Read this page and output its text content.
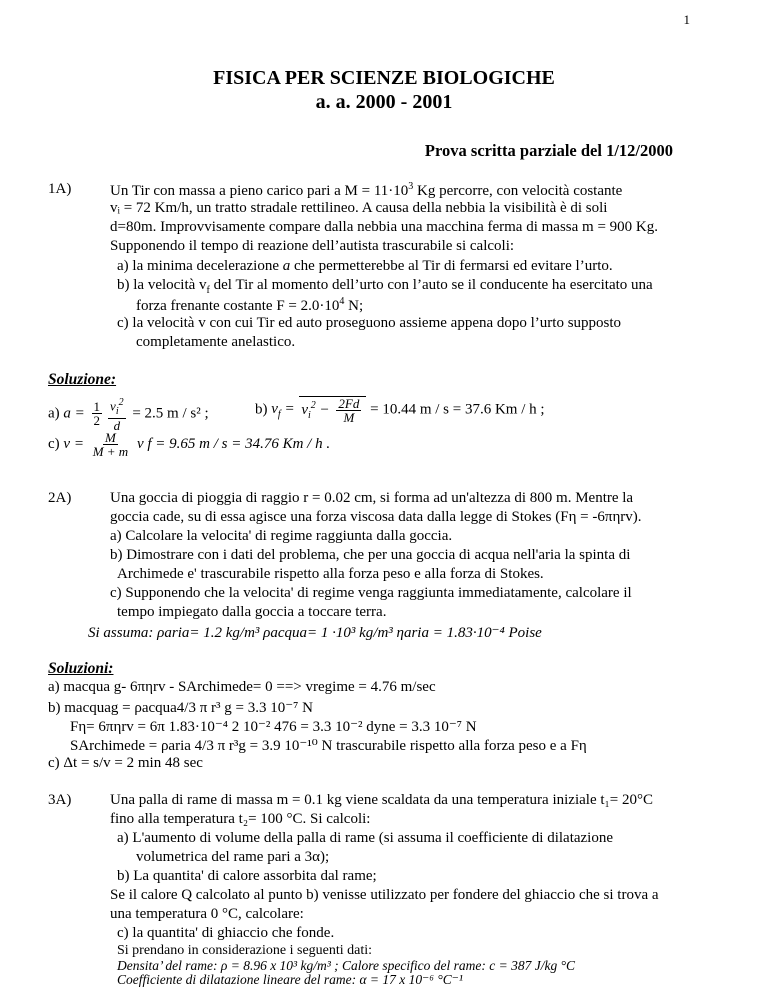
1
FISICA PER SCIENZE BIOLOGICHE
a. a. 2000 - 2001
Prova scritta parziale del 1/12/2000
1A)	Un Tir con massa a pieno carico pari a $M = 11\cdot 10^3$ Kg percorre, con velocità costante
vᵢ = 72 Km/h, un tratto stradale rettilineo. A causa della nebbia la visibilità è di soli
d=80m. Improvvisamente compare dalla nebbia una macchina ferma di massa m = 900 Kg.
Supponendo il tempo di reazione dell’autista trascurabile si calcoli:
a) la minima decelerazione a che permetterebbe al Tir di fermarsi ed evitare l’urto.
b) la velocità $v_f$ del Tir al momento dell’urto con l’auto se il conducente ha esercitato una
forza frenante costante $F = 2.0\cdot 10^4$ N;
c) la velocità v con cui Tir ed auto proseguono assieme appena dopo l’urto supposto
completamente anelastico.
Soluzione:
a) $a = \frac{1}{2} \frac{v_i^2}{d} = 2.5$ m / s² ;	b) $v_f = v_i^2 - \frac{2Fd}{M} = 10.44$ m / s = 37.6 Km / h ;
c) $v = \frac{M}{M + m}$ v f = 9.65 m / s = 34.76 Km / h .
2A)	Una goccia di pioggia di raggio r = 0.02 cm, si forma ad un'altezza di 800 m. Mentre la
goccia cade, su di essa agisce una forza viscosa data dalla legge di Stokes (Fη = -6πηrv).
a) Calcolare la velocita' di regime raggiunta dalla goccia.
b) Dimostrare con i dati del problema, che per una goccia di acqua nell'aria la spinta di
Archimede e' trascurabile rispetto alla forza peso e alla forza di Stokes.
c) Supponendo che la velocita' di regime venga raggiunta immediatamente, calcolare il
tempo impiegato dalla goccia a toccare terra.
Si assuma: ρaria= 1.2 kg/m³ ρacqua= 1 ·10³ kg/m³ ηaria = 1.83·10⁻⁴ Poise
Soluzioni:
a) macqua g- 6πηrv - SArchimede= 0 ==> vregime = 4.76 m/sec
b) macquag = ρacqua4/3 π r³ g = 3.3 10⁻⁷ N
Fη= 6πηrv = 6π 1.83·10⁻⁴ 2 10⁻² 476 = 3.3 10⁻² dyne = 3.3 10⁻⁷ N
SArchimede = ρaria 4/3 π r³g = 3.9 10⁻¹⁰ N trascurabile rispetto alla forza peso e a Fη
c) Δt = s/v = 2 min 48 sec
3A)	Una palla di rame di massa m = 0.1 kg viene scaldata da una temperatura iniziale t₁= 20°C
fino alla temperatura t₂= 100 °C. Si calcoli:
a) L'aumento di volume della palla di rame (si assuma il coefficiente di dilatazione
volumetrica del rame pari a 3α);
b) La quantita' di calore assorbita dal rame;
Se il calore Q calcolato al punto b) venisse utilizzato per fondere del ghiaccio che si trova a
una temperatura 0 °C, calcolare:
c) la quantita' di ghiaccio che fonde.
Si prendano in considerazione i seguenti dati:
Densita’ del rame: ρ = 8.96 x 10³ kg/m³ ; Calore specifico del rame: c = 387 J/kg °C
Coefficiente di dilatazione lineare del rame: α = 17 x 10⁻⁶ °C⁻¹
